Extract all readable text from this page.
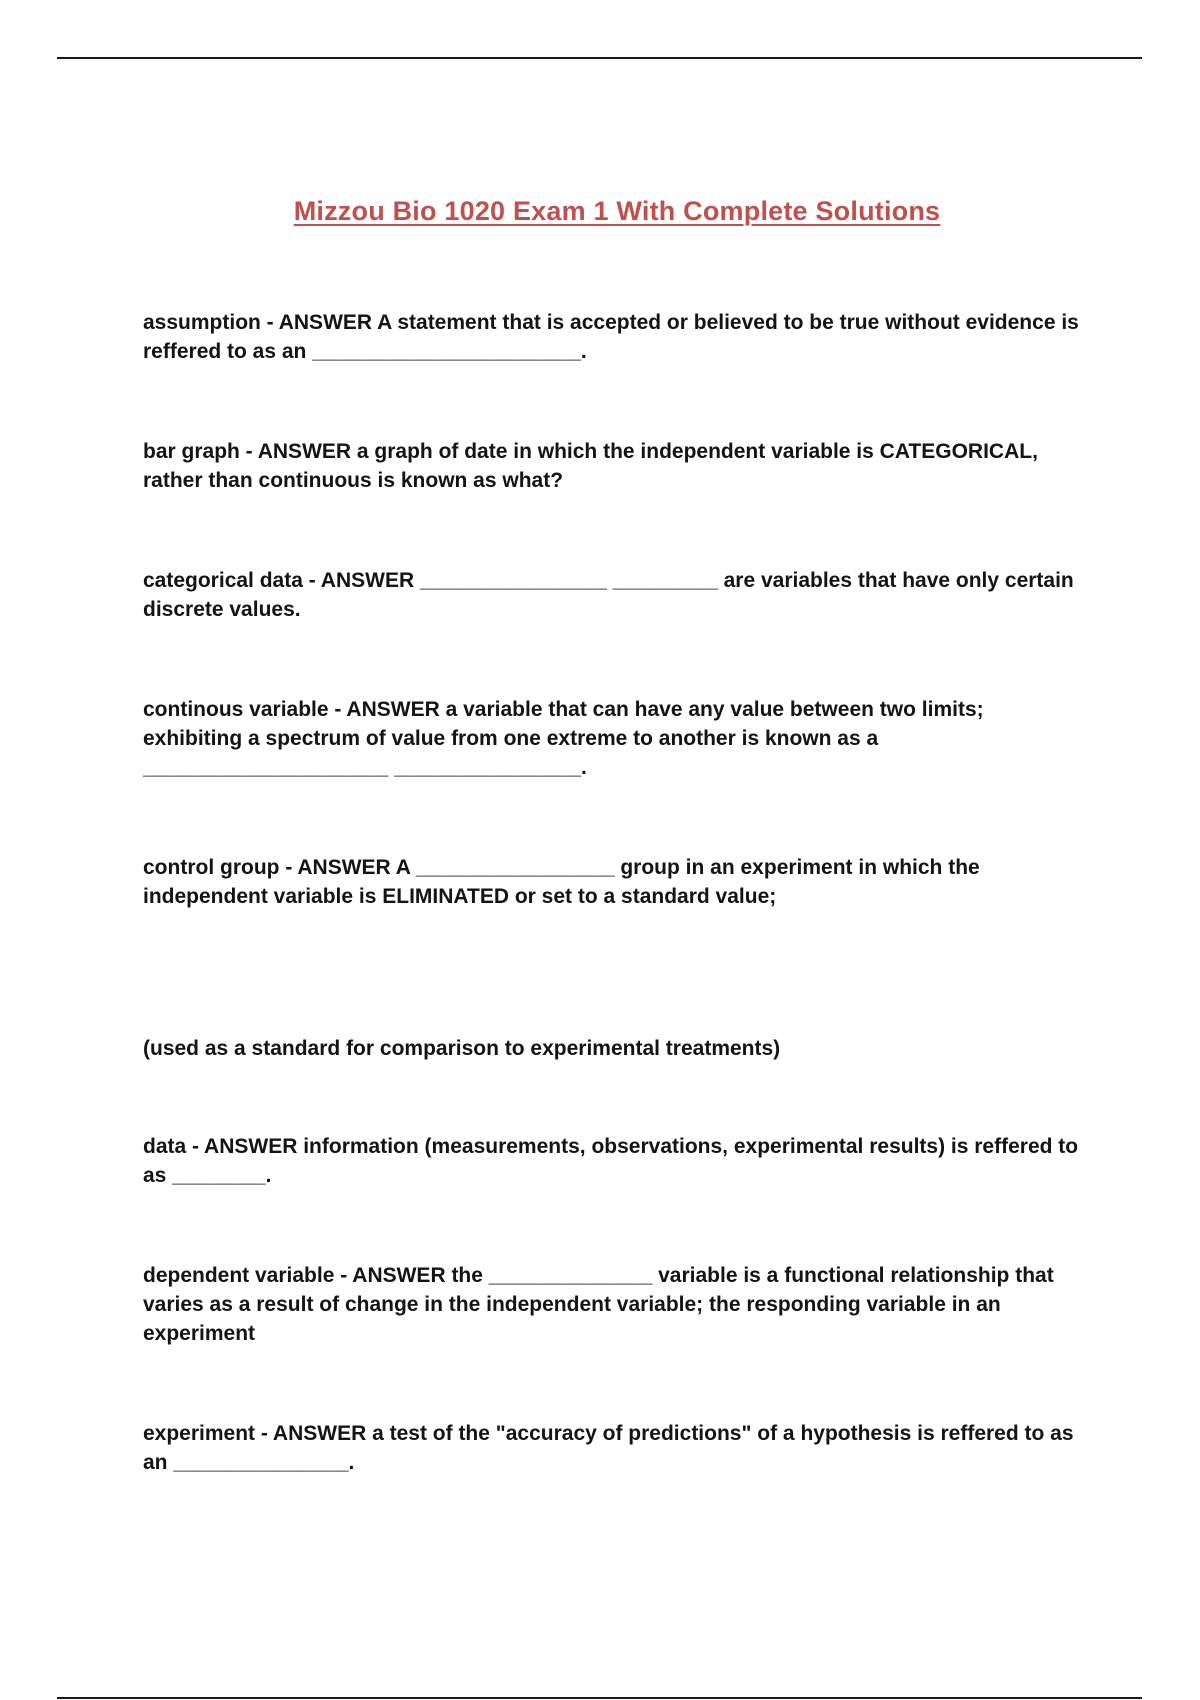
Mizzou Bio 1020 Exam 1 With Complete Solutions

assumption - ANSWER A statement that is accepted or believed to be true without evidence is reffered to as an _______________________.

bar graph - ANSWER a graph of date in which the independent variable is CATEGORICAL, rather than continuous is known as what?

categorical data - ANSWER ________________ _________ are variables that have only certain discrete values.

continous variable - ANSWER a variable that can have any value between two limits; exhibiting a spectrum of value from one extreme to another is known as a _____________________ ________________.

control group - ANSWER A _________________ group in an experiment in which the independent variable is ELIMINATED or set to a standard value;

(used as a standard for comparison to experimental treatments)

data - ANSWER information (measurements, observations, experimental results) is reffered to as ________.

dependent variable - ANSWER the ______________ variable is a functional relationship that varies as a result of change in the independent variable; the responding variable in an experiment

experiment - ANSWER a test of the "accuracy of predictions" of a hypothesis is reffered to as an _______________.
